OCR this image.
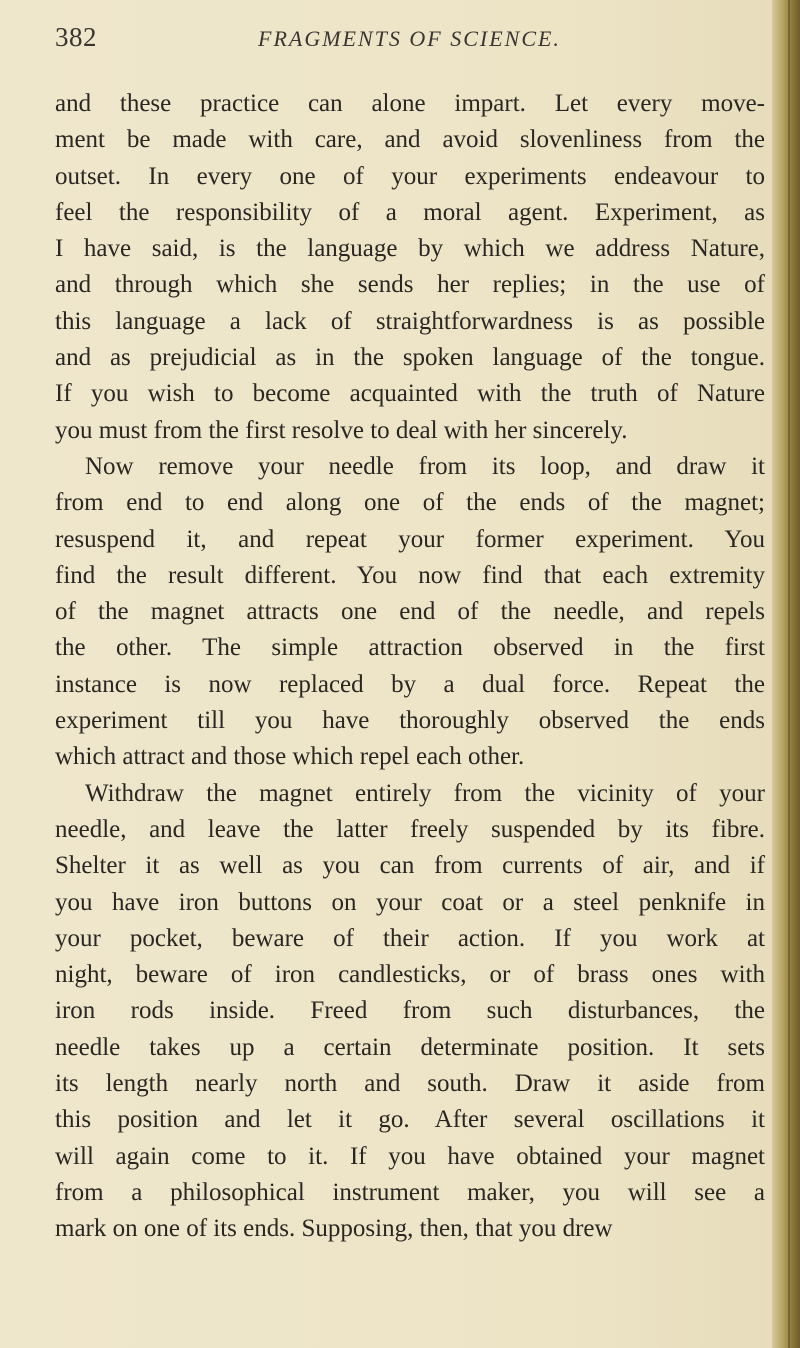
382	FRAGMENTS OF SCIENCE.
and these practice can alone impart. Let every move-
ment be made with care, and avoid slovenliness from the
outset. In every one of your experiments endeavour to
feel the responsibility of a moral agent. Experiment, as
I have said, is the language by which we address Nature,
and through which she sends her replies; in the use of
this language a lack of straightforwardness is as possible
and as prejudicial as in the spoken language of the tongue.
If you wish to become acquainted with the truth of Nature
you must from the first resolve to deal with her sincerely.
Now remove your needle from its loop, and draw it
from end to end along one of the ends of the magnet;
resuspend it, and repeat your former experiment. You
find the result different. You now find that each extremity
of the magnet attracts one end of the needle, and repels
the other. The simple attraction observed in the first
instance is now replaced by a dual force. Repeat the
experiment till you have thoroughly observed the ends
which attract and those which repel each other.
Withdraw the magnet entirely from the vicinity of your
needle, and leave the latter freely suspended by its fibre.
Shelter it as well as you can from currents of air, and if
you have iron buttons on your coat or a steel penknife in
your pocket, beware of their action. If you work at
night, beware of iron candlesticks, or of brass ones with
iron rods inside. Freed from such disturbances, the
needle takes up a certain determinate position. It sets
its length nearly north and south. Draw it aside from
this position and let it go. After several oscillations it
will again come to it. If you have obtained your magnet
from a philosophical instrument maker, you will see a
mark on one of its ends. Supposing, then, that you drew
